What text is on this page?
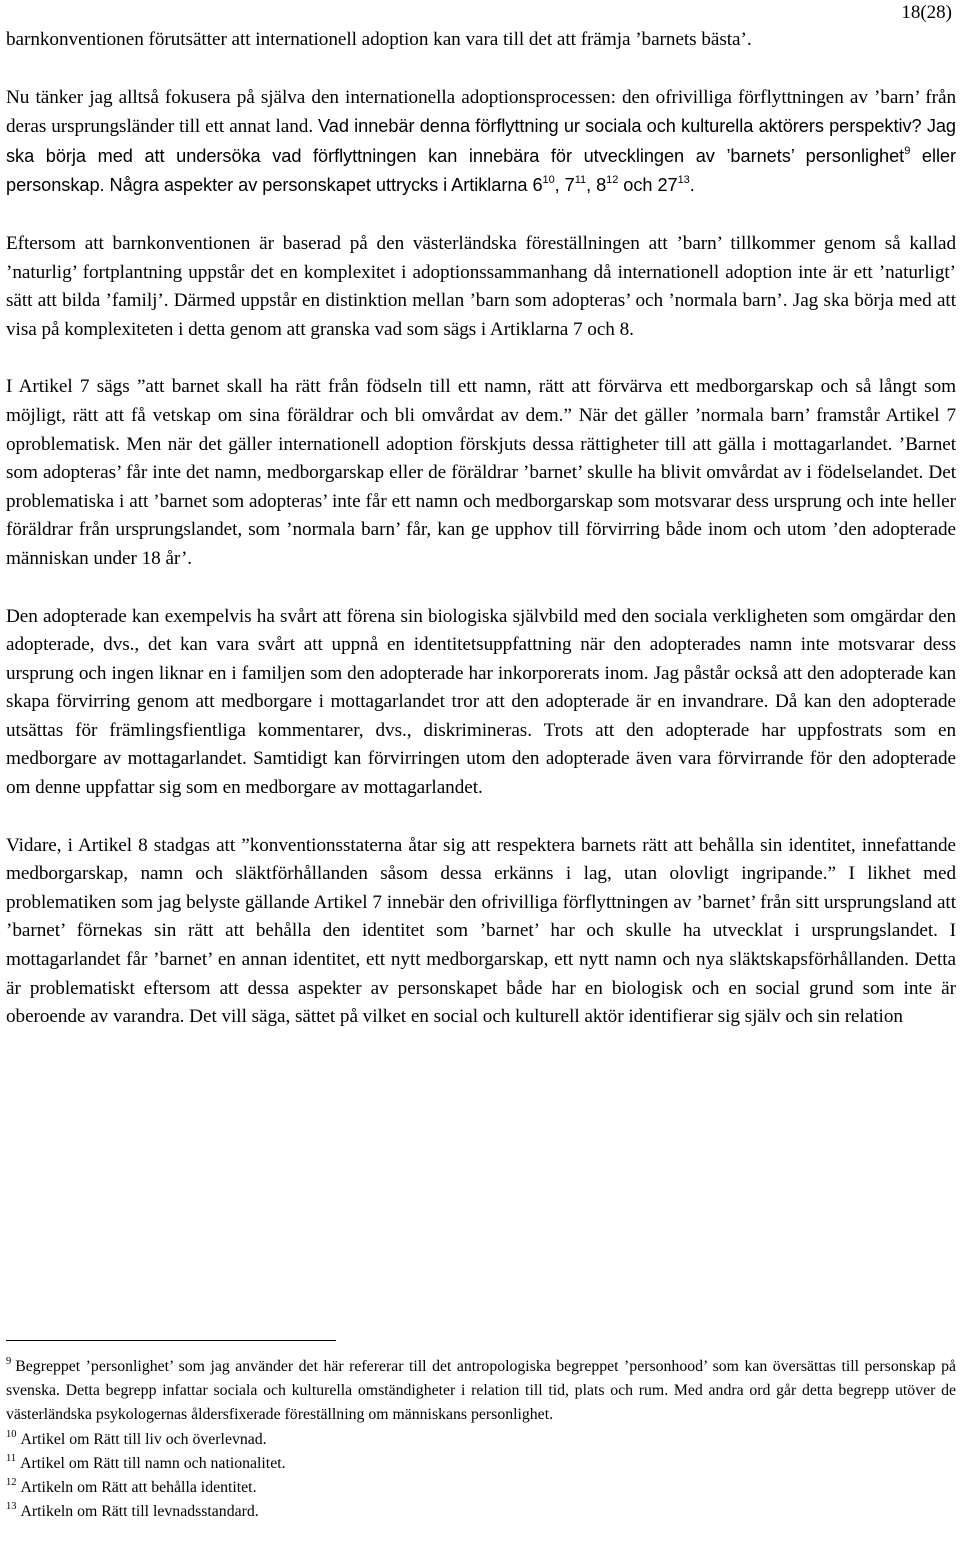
18(28)

barnkonventionen förutsätter att internationell adoption kan vara till det att främja ’barnets bästa’.

Nu tänker jag alltså fokusera på själva den internationella adoptionsprocessen: den ofrivilliga förflyttningen av ’barn’ från deras ursprungsländer till ett annat land. Vad innebär denna förflyttning ur sociala och kulturella aktörers perspektiv? Jag ska börja med att undersöka vad förflyttningen kan innebära för utvecklingen av ’barnets’ personlighet$^9$ eller personskap. Några aspekter av personskapet uttrycks i Artiklarna $6^{10}$, $7^{11}$, $8^{12}$ och $27^{13}$.

Eftersom att barnkonventionen är baserad på den västerländska föreställningen att ’barn’ tillkommer genom så kallad ’naturlig’ fortplantning uppstår det en komplexitet i adoptionssammanhang då internationell adoption inte är ett ’naturligt’ sätt att bilda ’familj’. Därmed uppstår en distinktion mellan ’barn som adopteras’ och ’normala barn’. Jag ska börja med att visa på komplexiteten i detta genom att granska vad som sägs i Artiklarna 7 och 8.

I Artikel 7 sägs ”att barnet skall ha rätt från födseln till ett namn, rätt att förvärva ett medborgarskap och så långt som möjligt, rätt att få vetskap om sina föräldrar och bli omvårdat av dem.” När det gäller ’normala barn’ framstår Artikel 7 oproblematisk. Men när det gäller internationell adoption förskjuts dessa rättigheter till att gälla i mottagarlandet. ’Barnet som adopteras’ får inte det namn, medborgarskap eller de föräldrar ’barnet’ skulle ha blivit omvårdat av i födelselandet. Det problematiska i att ’barnet som adopteras’ inte får ett namn och medborgarskap som motsvarar dess ursprung och inte heller föräldrar från ursprungslandet, som ’normala barn’ får, kan ge upphov till förvirring både inom och utom ’den adopterade människan under 18 år’.

Den adopterade kan exempelvis ha svårt att förena sin biologiska självbild med den sociala verkligheten som omgärdar den adopterade, dvs., det kan vara svårt att uppnå en identitetsuppfattning när den adopterades namn inte motsvarar dess ursprung och ingen liknar en i familjen som den adopterade har inkorporerats inom. Jag påstår också att den adopterade kan skapa förvirring genom att medborgare i mottagarlandet tror att den adopterade är en invandrare. Då kan den adopterade utsättas för främlingsfientliga kommentarer, dvs., diskrimineras. Trots att den adopterade har uppfostrats som en medborgare av mottagarlandet. Samtidigt kan förvirringen utom den adopterade även vara förvirrande för den adopterade om denne uppfattar sig som en medborgare av mottagarlandet.

Vidare, i Artikel 8 stadgas att ”konventionsstaterna åtar sig att respektera barnets rätt att behålla sin identitet, innefattande medborgarskap, namn och släktförhållanden såsom dessa erkänns i lag, utan olovligt ingripande.” I likhet med problematiken som jag belyste gällande Artikel 7 innebär den ofrivilliga förflyttningen av ’barnet’ från sitt ursprungsland att ’barnet’ förnekas sin rätt att behålla den identitet som ’barnet’ har och skulle ha utvecklat i ursprungslandet. I mottagarlandet får ’barnet’ en annan identitet, ett nytt medborgarskap, ett nytt namn och nya släktskapsförhållanden. Detta är problematiskt eftersom att dessa aspekter av personskapet både har en biologisk och en social grund som inte är oberoende av varandra. Det vill säga, sättet på vilket en social och kulturell aktör identifierar sig själv och sin relation

$^9$ Begreppet ’personlighet’ som jag använder det här refererar till det antropologiska begreppet ’personhood’ som kan översättas till personskap på svenska. Detta begrepp infattar sociala och kulturella omständigheter i relation till tid, plats och rum. Med andra ord går detta begrepp utöver de västerländska psykologernas åldersfixerade föreställning om människans personlighet.

$^{10}$ Artikel om Rätt till liv och överlevnad.

$^{11}$ Artikel om Rätt till namn och nationalitet.

$^{12}$ Artikeln om Rätt att behålla identitet.

$^{13}$ Artikeln om Rätt till levnadsstandard.
